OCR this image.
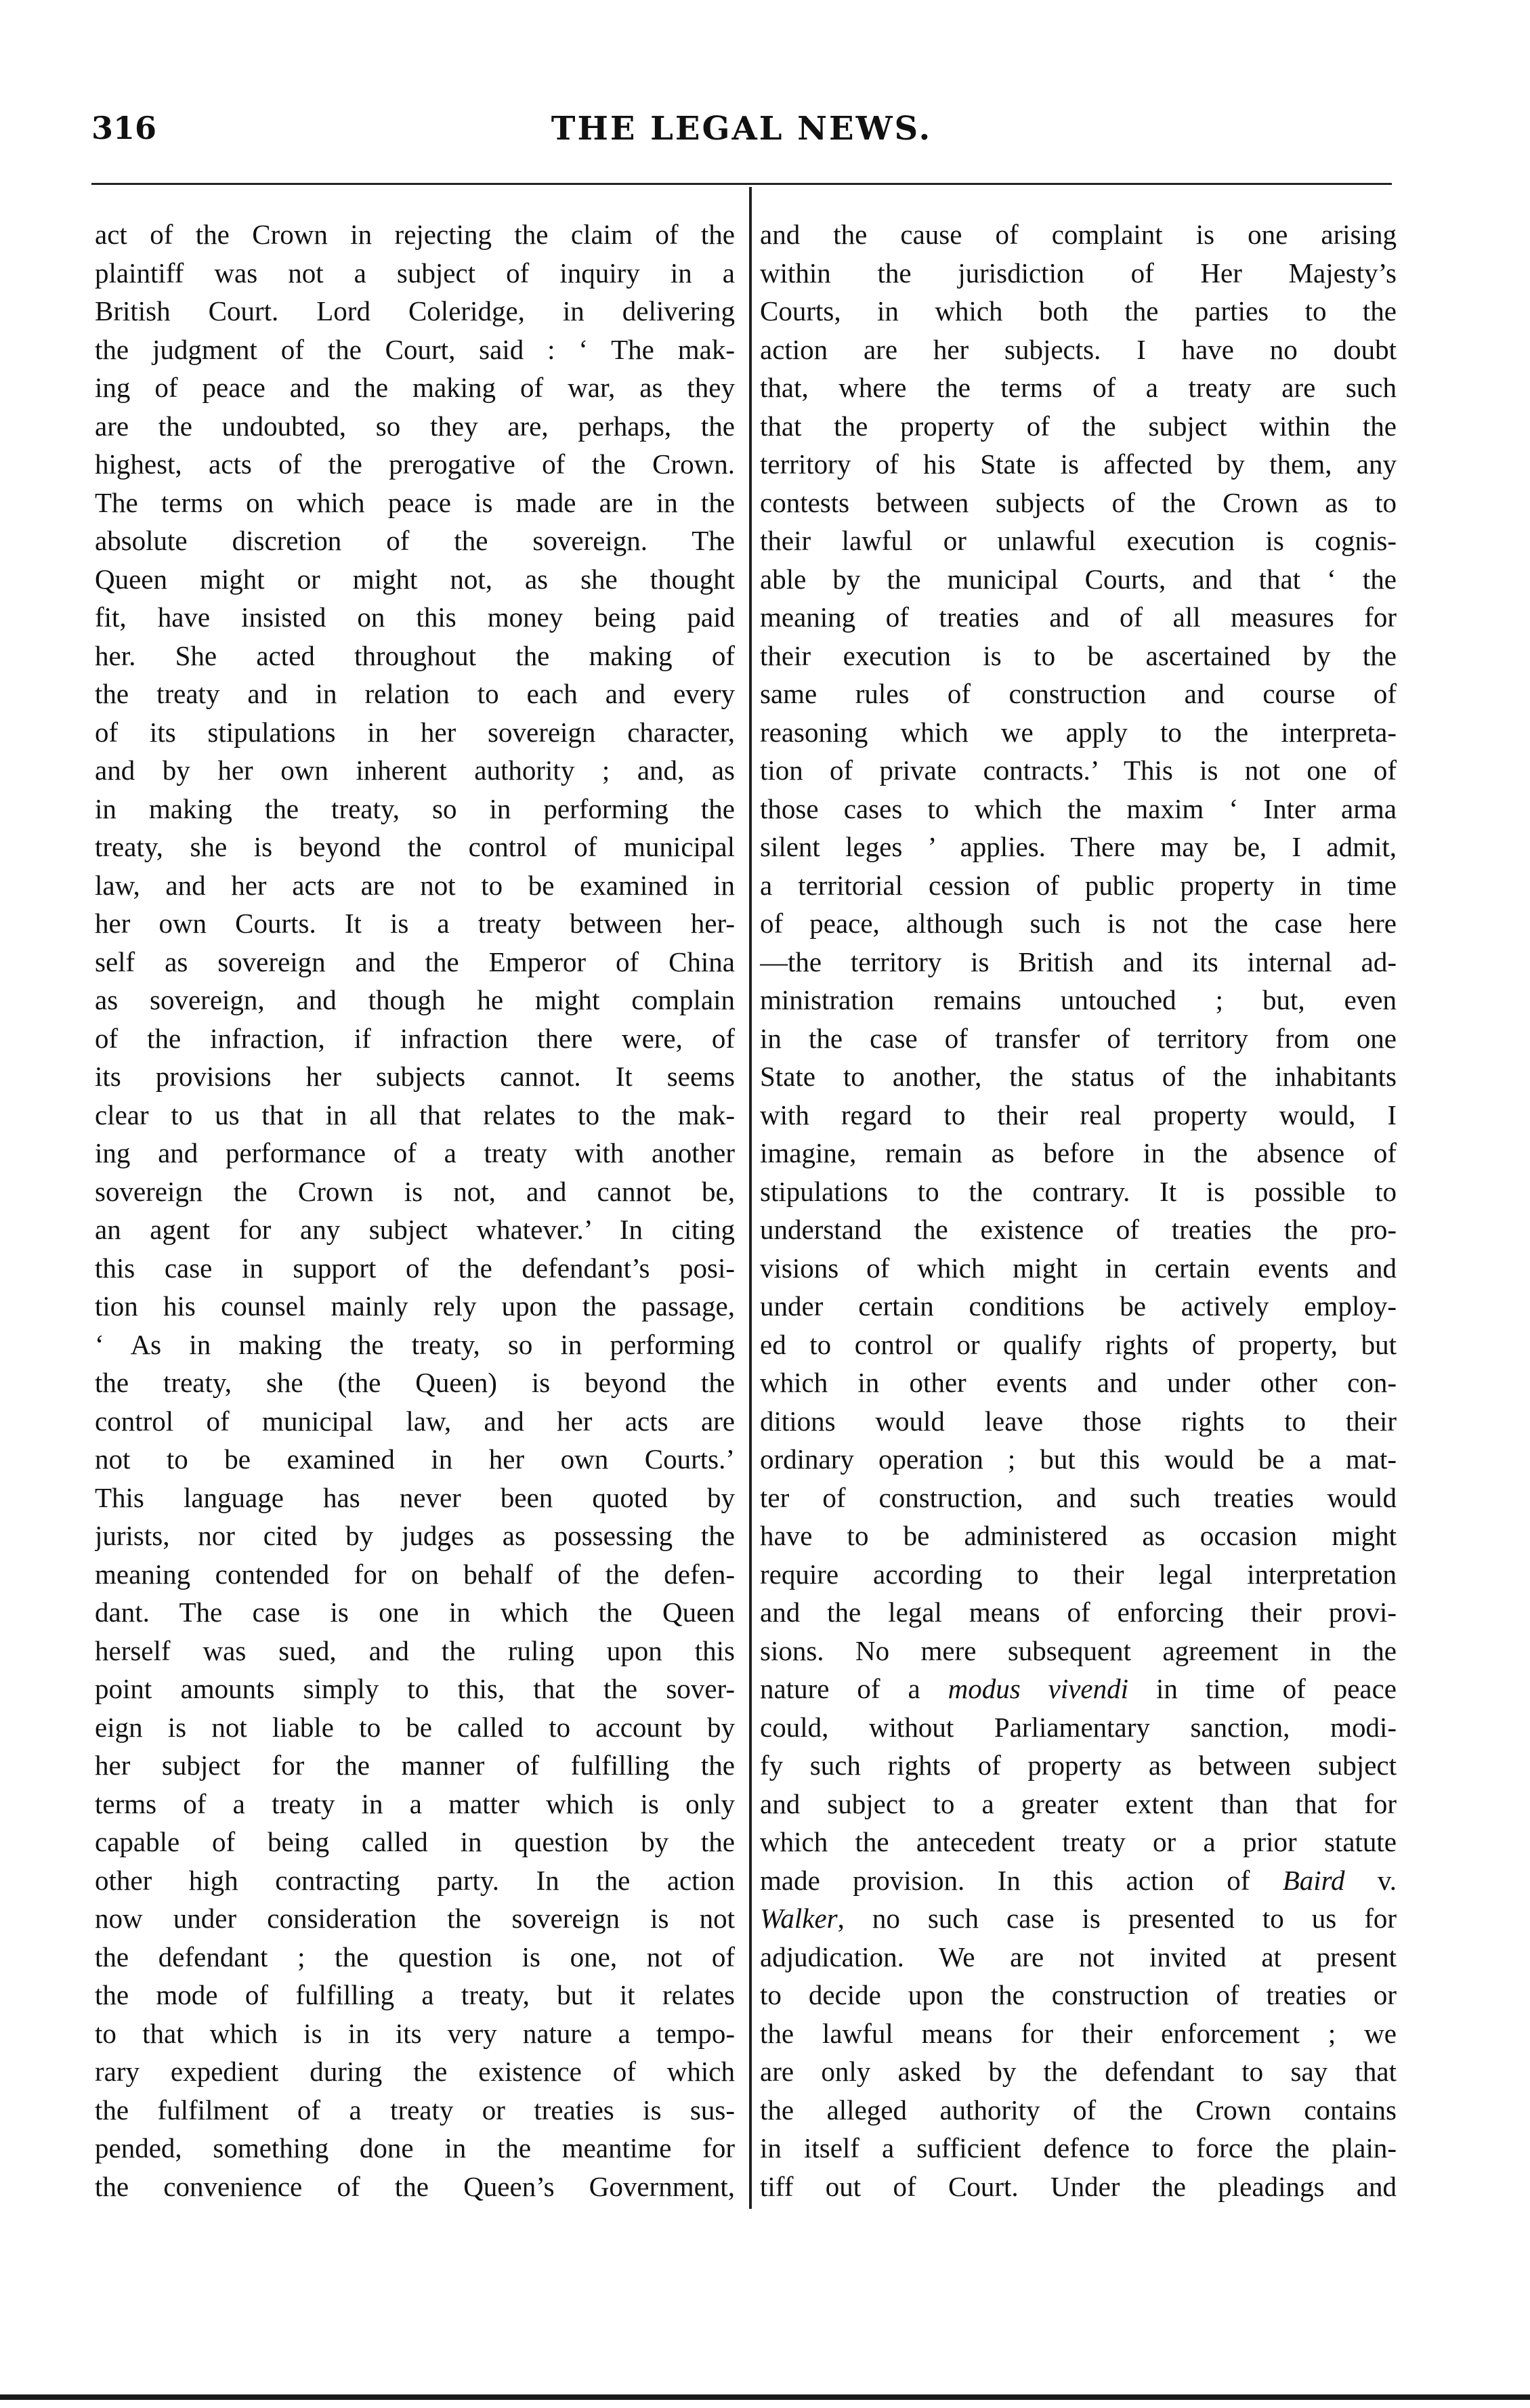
316	THE LEGAL NEWS.
act of the Crown in rejecting the claim of the
plaintiff was not a subject of inquiry in a
British Court. Lord Coleridge, in delivering
the judgment of the Court, said : ‘ The mak-
ing of peace and the making of war, as they
are the undoubted, so they are, perhaps, the
highest, acts of the prerogative of the Crown.
The terms on which peace is made are in the
absolute discretion of the sovereign. The
Queen might or might not, as she thought
fit, have insisted on this money being paid
her. She acted throughout the making of
the treaty and in relation to each and every
of its stipulations in her sovereign character,
and by her own inherent authority ; and, as
in making the treaty, so in performing the
treaty, she is beyond the control of municipal
law, and her acts are not to be examined in
her own Courts. It is a treaty between her-
self as sovereign and the Emperor of China
as sovereign, and though he might complain
of the infraction, if infraction there were, of
its provisions her subjects cannot. It seems
clear to us that in all that relates to the mak-
ing and performance of a treaty with another
sovereign the Crown is not, and cannot be,
an agent for any subject whatever.’ In citing
this case in support of the defendant’s posi-
tion his counsel mainly rely upon the passage,
‘ As in making the treaty, so in performing
the treaty, she (the Queen) is beyond the
control of municipal law, and her acts are
not to be examined in her own Courts.’
This language has never been quoted by
jurists, nor cited by judges as possessing the
meaning contended for on behalf of the defen-
dant. The case is one in which the Queen
herself was sued, and the ruling upon this
point amounts simply to this, that the sover-
eign is not liable to be called to account by
her subject for the manner of fulfilling the
terms of a treaty in a matter which is only
capable of being called in question by the
other high contracting party. In the action
now under consideration the sovereign is not
the defendant ; the question is one, not of
the mode of fulfilling a treaty, but it relates
to that which is in its very nature a tempo-
rary expedient during the existence of which
the fulfilment of a treaty or treaties is sus-
pended, something done in the meantime for
the convenience of the Queen’s Government,
and the cause of complaint is one arising
within the jurisdiction of Her Majesty’s
Courts, in which both the parties to the
action are her subjects. I have no doubt
that, where the terms of a treaty are such
that the property of the subject within the
territory of his State is affected by them, any
contests between subjects of the Crown as to
their lawful or unlawful execution is cognis-
able by the municipal Courts, and that ‘ the
meaning of treaties and of all measures for
their execution is to be ascertained by the
same rules of construction and course of
reasoning which we apply to the interpreta-
tion of private contracts.’ This is not one of
those cases to which the maxim ‘ Inter arma
silent leges ’ applies. There may be, I admit,
a territorial cession of public property in time
of peace, although such is not the case here
—the territory is British and its internal ad-
ministration remains untouched ; but, even
in the case of transfer of territory from one
State to another, the status of the inhabitants
with regard to their real property would, I
imagine, remain as before in the absence of
stipulations to the contrary. It is possible to
understand the existence of treaties the pro-
visions of which might in certain events and
under certain conditions be actively employ-
ed to control or qualify rights of property, but
which in other events and under other con-
ditions would leave those rights to their
ordinary operation ; but this would be a mat-
ter of construction, and such treaties would
have to be administered as occasion might
require according to their legal interpretation
and the legal means of enforcing their provi-
sions. No mere subsequent agreement in the
nature of a modus vivendi in time of peace
could, without Parliamentary sanction, modi-
fy such rights of property as between subject
and subject to a greater extent than that for
which the antecedent treaty or a prior statute
made provision. In this action of Baird v.
Walker, no such case is presented to us for
adjudication. We are not invited at present
to decide upon the construction of treaties or
the lawful means for their enforcement ; we
are only asked by the defendant to say that
the alleged authority of the Crown contains
in itself a sufficient defence to force the plain-
tiff out of Court. Under the pleadings and
